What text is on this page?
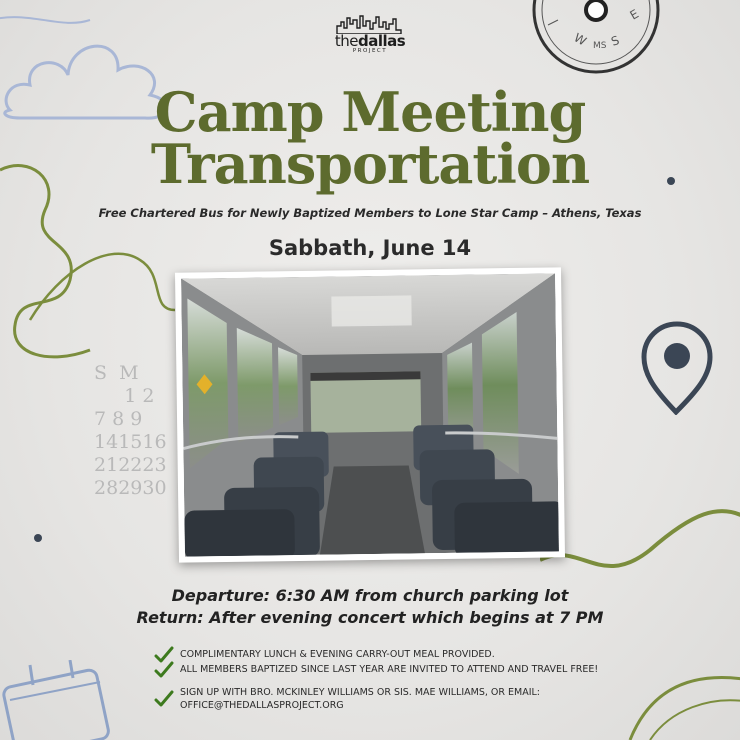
E
W MS S
S M
1 2
7 8 9
141516
212223
282930
thedallas
PROJECT
Camp Meeting
Transportation
Free Chartered Bus for Newly Baptized Members to Lone Star Camp – Athens, Texas
Sabbath, June 14
Departure: 6:30 AM from church parking lot
Return: After evening concert which begins at 7 PM
COMPLIMENTARY LUNCH & EVENING CARRY-OUT MEAL PROVIDED.
ALL MEMBERS BAPTIZED SINCE LAST YEAR ARE INVITED TO ATTEND AND TRAVEL FREE!
SIGN UP WITH BRO. MCKINLEY WILLIAMS OR SIS. MAE WILLIAMS, OR EMAIL:
OFFICE@THEDALLASPROJECT.ORG
